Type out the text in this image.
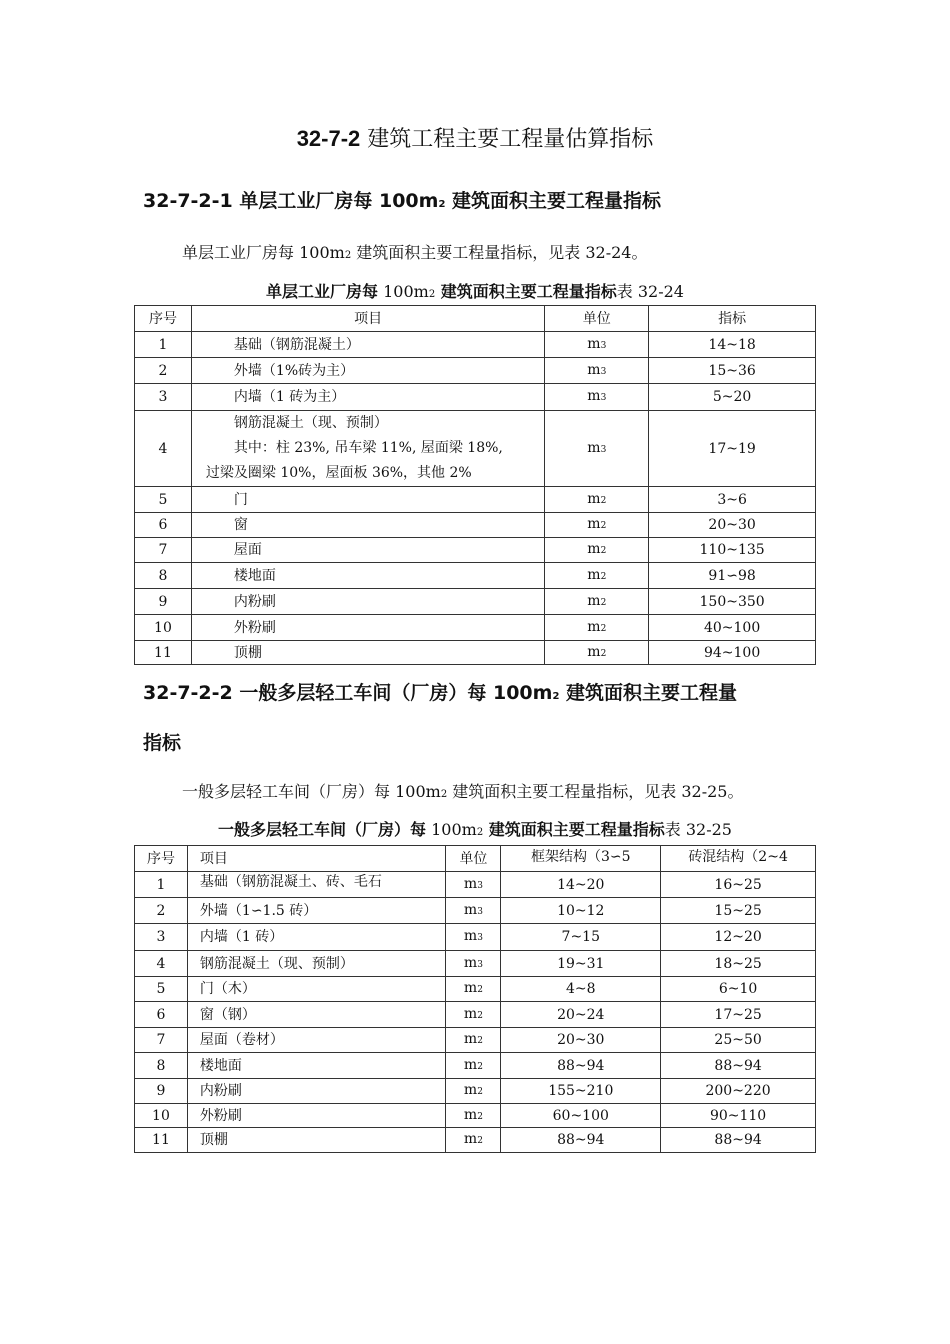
32-7-2 建筑工程主要工程量估算指标
32-7-2-1 单层工业厂房每 100m2 建筑面积主要工程量指标
单层工业厂房每 100m2 建筑面积主要工程量指标，见表 32-24。
单层工业厂房每 100m2 建筑面积主要工程量指标表 32-24
序号	项目	单位	指标
1	基础（钢筋混凝土）	m3	14~18
2	外墙（1%砖为主）	m3	15~36
3	内墙（1 砖为主）	m3	5~20
4	钢筋混凝土（现、预制）
其中：柱 23%, 吊车梁 11%, 屋面梁 18%,
过梁及圈梁 10%，屋面板 36%，其他 2%	m3	17~19
5	门	m2	3~6
6	窗	m2	20~30
7	屋面	m2	110~135
8	楼地面	m2	91∽98
9	内粉刷	m2	150~350
10	外粉刷	m2	40~100
11	顶棚	m2	94~100
32-7-2-2 一般多层轻工车间（厂房）每 100m2 建筑面积主要工程量
指标
一般多层轻工车间（厂房）每 100m2 建筑面积主要工程量指标，见表 32-25。
一般多层轻工车间（厂房）每 100m2 建筑面积主要工程量指标表 32-25
序号	项目	单位	框架结构（3∽5	砖混结构（2~4
1	基础（钢筋混凝土、砖、毛石	m3	14~20	16~25
2	外墙（1∽1.5 砖）	m3	10~12	15~25
3	内墙（1 砖）	m3	7~15	12~20
4	钢筋混凝土（现、预制）	m3	19~31	18~25
5	门（木）	m2	4~8	6~10
6	窗（钢）	m2	20~24	17~25
7	屋面（卷材）	m2	20~30	25~50
8	楼地面	m2	88~94	88~94
9	内粉刷	m2	155~210	200~220
10	外粉刷	m2	60~100	90~110
11	顶棚	m2	88~94	88~94
